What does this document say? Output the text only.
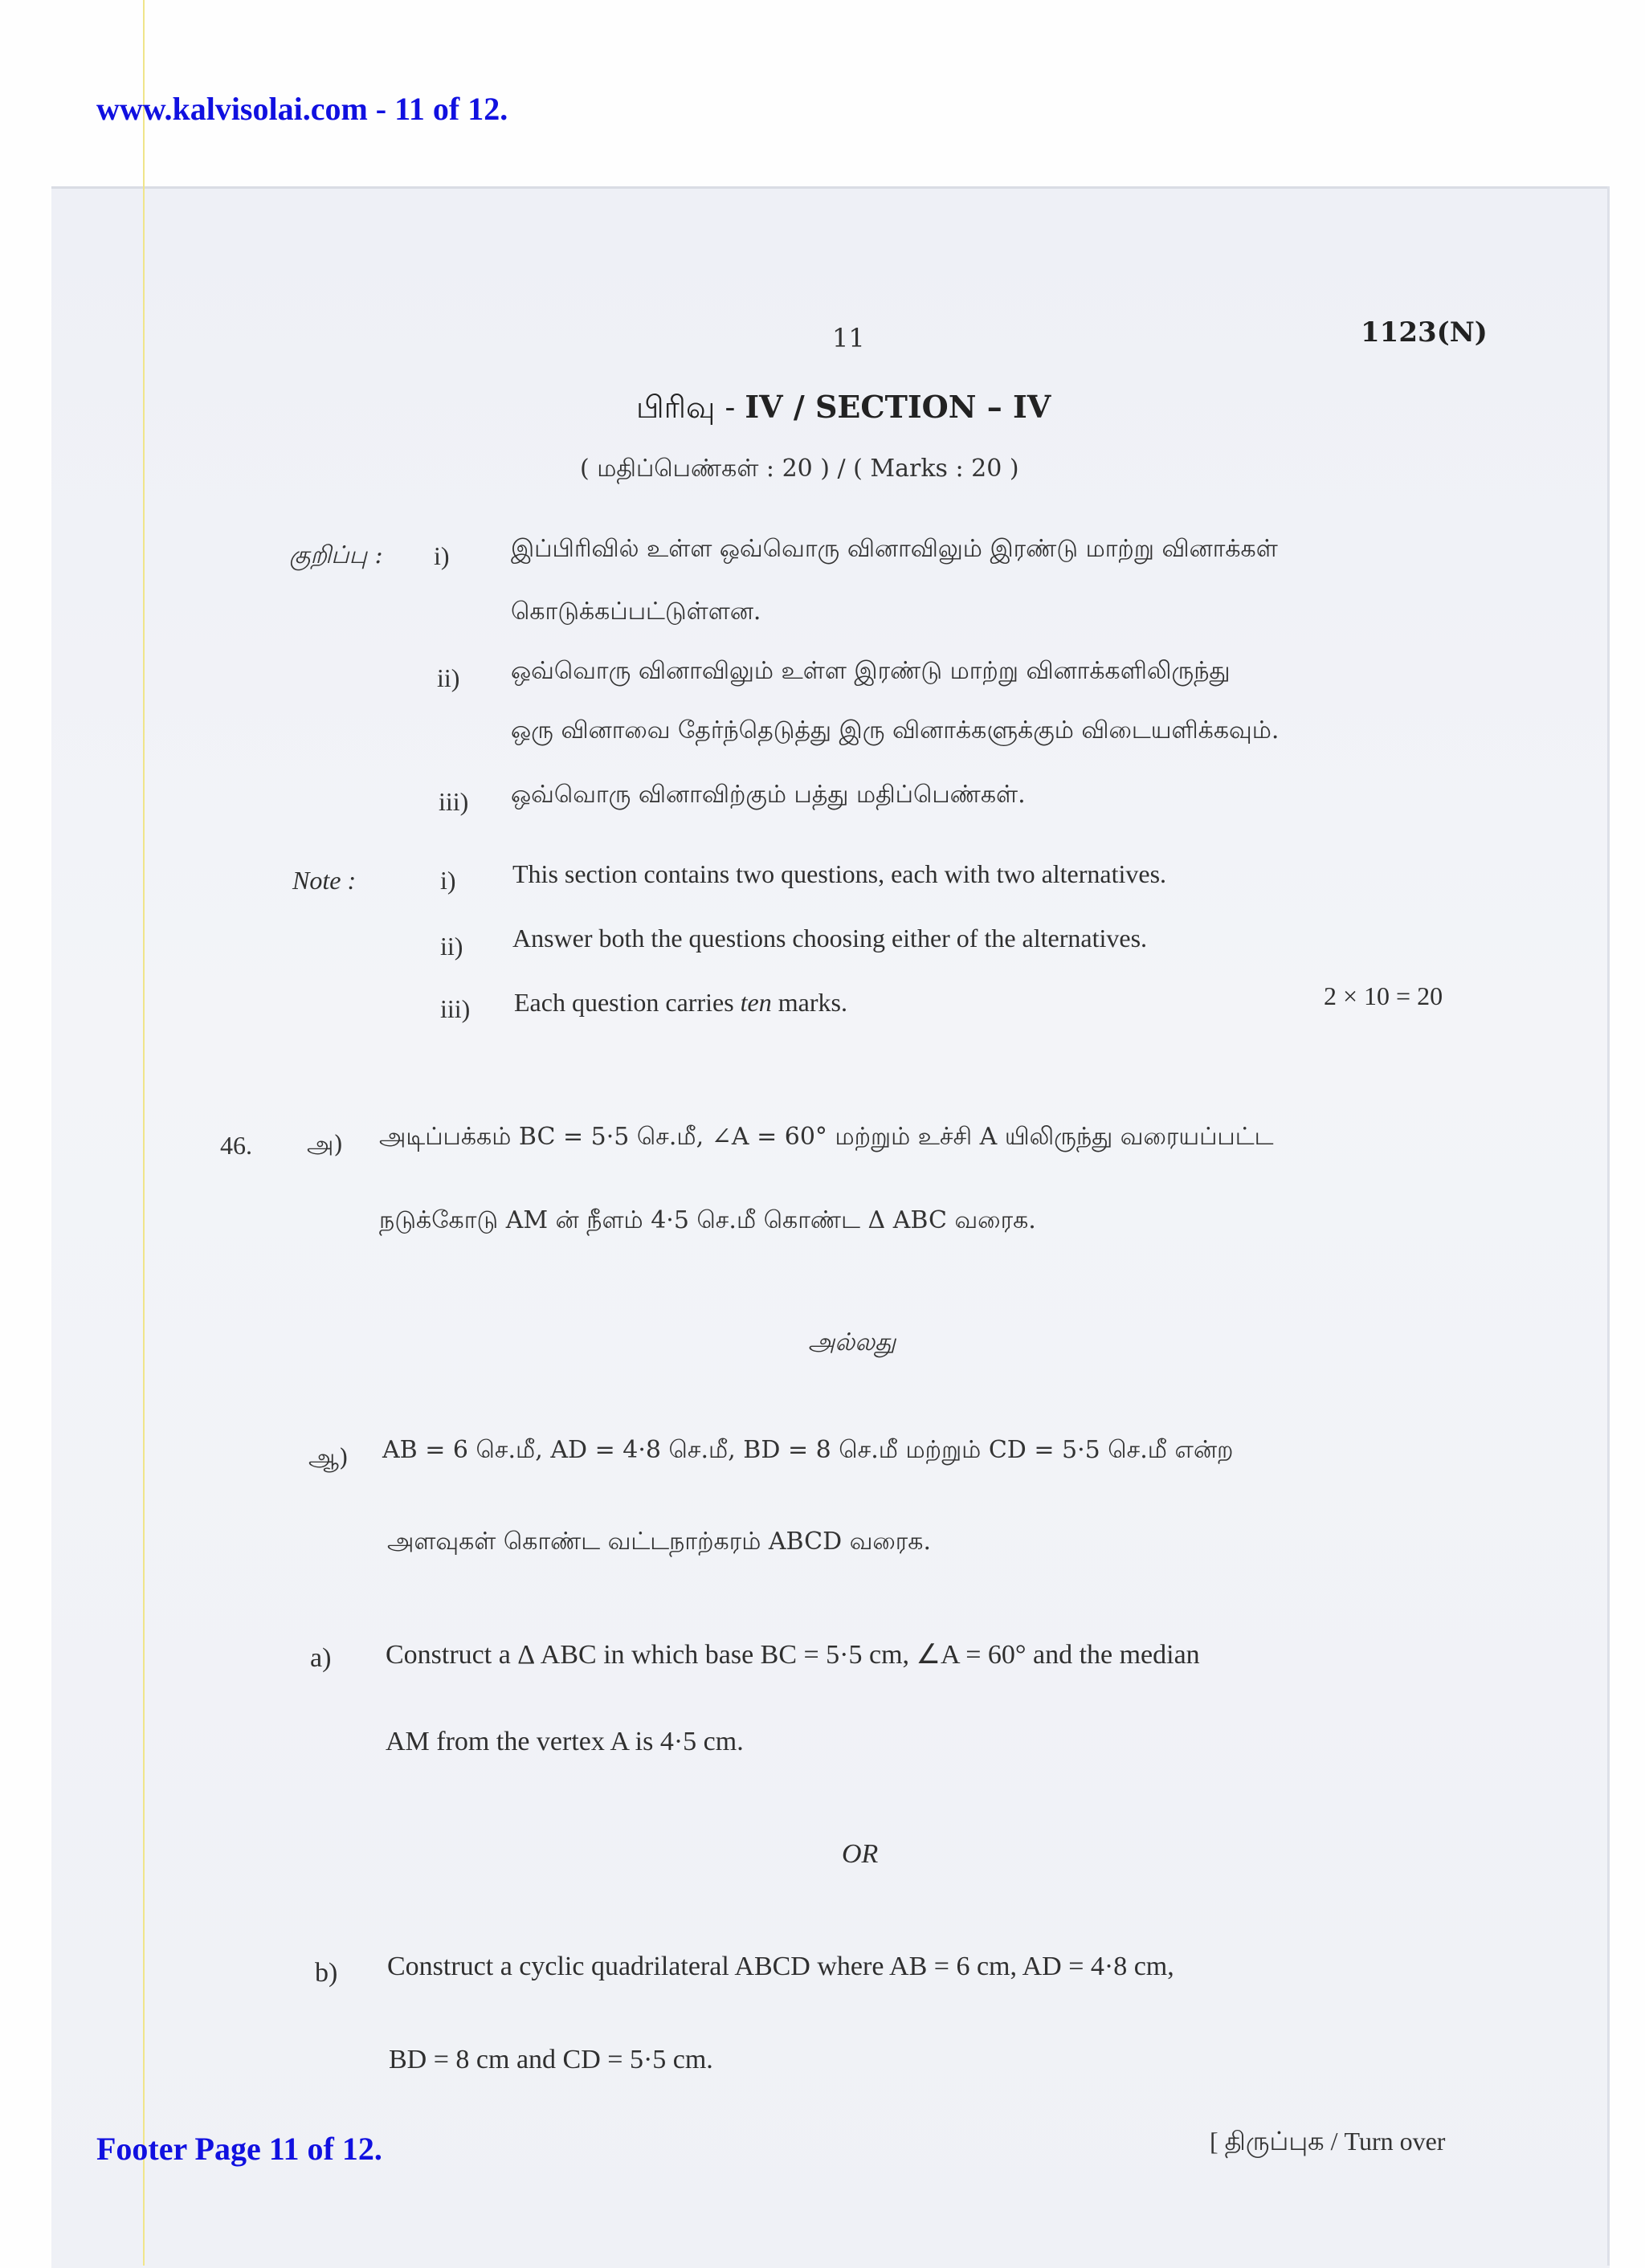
www.kalvisolai.com - 11 of 12.
11	1123(N)
பிரிவு - IV / SECTION – IV
( மதிப்பெண்கள் : 20 ) / ( Marks : 20 )
குறிப்பு : i)	இப்பிரிவில் உள்ள ஒவ்வொரு வினாவிலும் இரண்டு மாற்று வினாக்கள்
கொடுக்கப்பட்டுள்ளன.
ii) ஒவ்வொரு வினாவிலும் உள்ள இரண்டு மாற்று வினாக்களிலிருந்து
ஒரு வினாவை தேர்ந்தெடுத்து இரு வினாக்களுக்கும் விடையளிக்கவும்.
iii) ஒவ்வொரு வினாவிற்கும் பத்து மதிப்பெண்கள்.
Note :	i) This section contains two questions, each with two alternatives.
ii) Answer both the questions choosing either of the alternatives.
iii) Each question carries ten marks.	2 × 10 = 20
46. அ) அடிப்பக்கம் BC = 5·5 செ.மீ, ∠A = 60° மற்றும் உச்சி A யிலிருந்து வரையப்பட்ட
நடுக்கோடு AM ன் நீளம் 4·5 செ.மீ கொண்ட Δ ABC வரைக.
அல்லது
ஆ) AB = 6 செ.மீ, AD = 4·8 செ.மீ, BD = 8 செ.மீ மற்றும் CD = 5·5 செ.மீ என்ற
அளவுகள் கொண்ட வட்டநாற்கரம் ABCD வரைக.
a) Construct a Δ ABC in which base BC = 5·5 cm, ∠A = 60° and the median
AM from the vertex A is 4·5 cm.
OR
b) Construct a cyclic quadrilateral ABCD where AB = 6 cm, AD = 4·8 cm,
BD = 8 cm and CD = 5·5 cm.
Footer Page 11 of 12.	[ திருப்புக / Turn over
